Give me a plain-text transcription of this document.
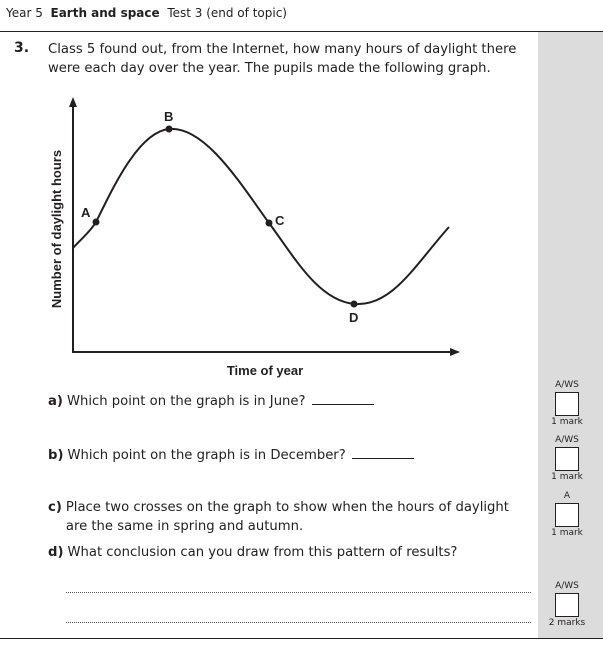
Year 5 Earth and space Test 3 (end of topic)
3. Class 5 found out, from the Internet, how many hours of daylight there were each day over the year. The pupils made the following graph.
A
B
C
D
Number of daylight hours
Time of year
a) Which point on the graph is in June?
b) Which point on the graph is in December?
c) Place two crosses on the graph to show when the hours of daylight are the same in spring and autumn.
d) What conclusion can you draw from this pattern of results?
A/WS
1 mark
A/WS
1 mark
A
1 mark
A/WS
2 marks
